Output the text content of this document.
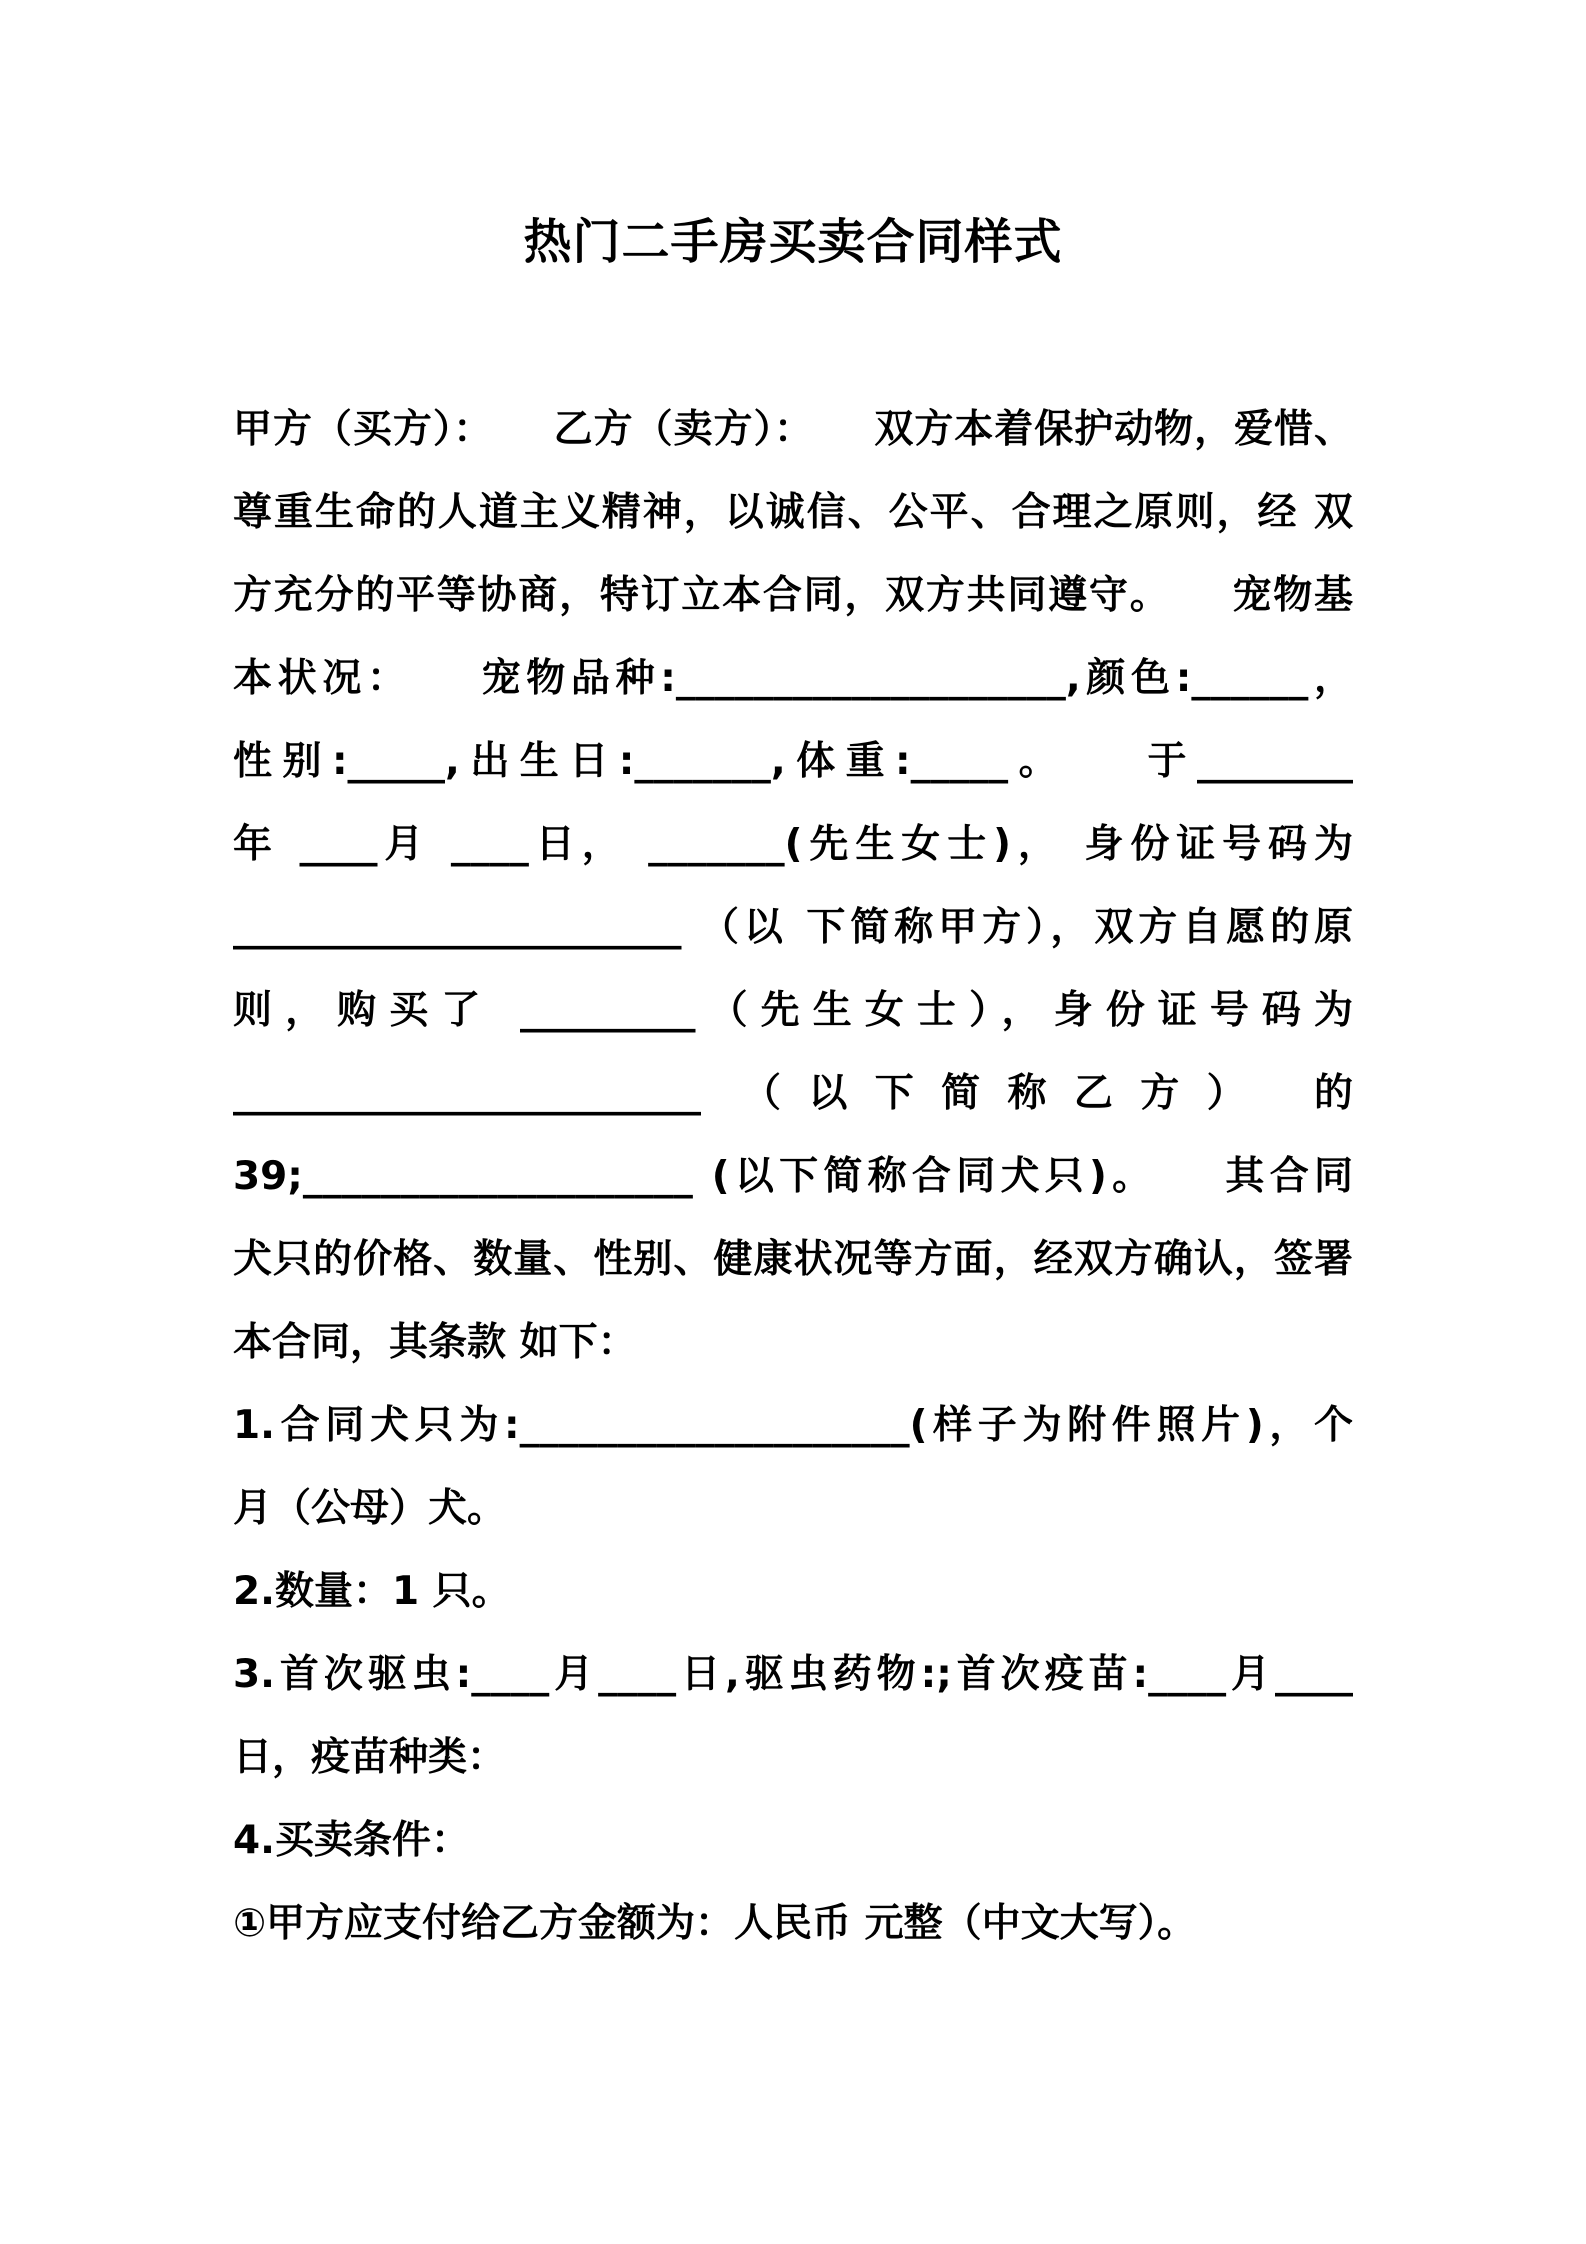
热门二手房买卖合同样式
甲方（买方）：　　乙方（卖方）：　　双方本着保护动物，爱惜、
尊重生命的人道主义精神，以诚信、公平、合理之原则，经 双
方充分的平等协商，特订立本合同，双方共同遵守。　　宠物基
本状况：　　宠物品种:____________________,颜色:______，
性别:_____,出生日:_______,体重:_____。　　于________
年 ____月 ____日， _______(先生女士)， 身份证号码为
_______________________ （以 下简称甲方），双方自愿的原
则，购买了 _________（先生女士），身份证号码为
________________________ （以下简称乙方） 的
39;____________________ (以下简称合同犬只)。　　其合同
犬只的价格、数量、性别、健康状况等方面，经双方确认，签署
本合同，其条款 如下：
1.合同犬只为:____________________(样子为附件照片)，个
月（公母）犬。
2.数量：1 只。
3.首次驱虫:____月____日,驱虫药物:;首次疫苗:____月____
日，疫苗种类：
4.买卖条件：
①甲方应支付给乙方金额为：人民币 元整（中文大写）。
